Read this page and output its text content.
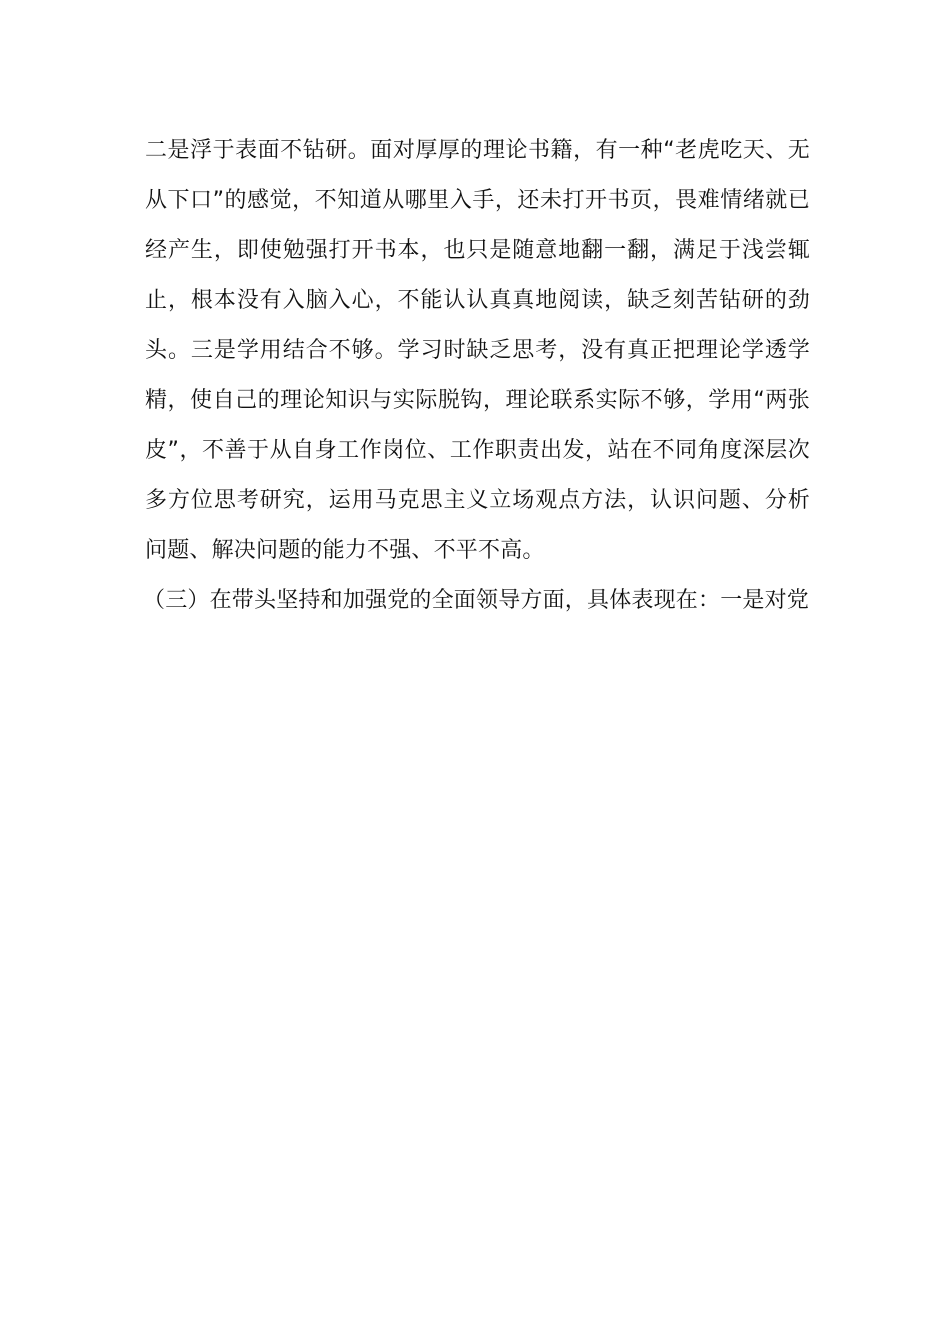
二是浮于表面不钻研。面对厚厚的理论书籍，有一种“老虎吃天、无从下口”的感觉，不知道从哪里入手，还未打开书页，畏难情绪就已经产生，即使勉强打开书本，也只是随意地翻一翻，满足于浅尝辄止，根本没有入脑入心，不能认认真真地阅读，缺乏刻苦钻研的劲头。三是学用结合不够。学习时缺乏思考，没有真正把理论学透学精，使自己的理论知识与实际脱钩，理论联系实际不够，学用“两张皮”，不善于从自身工作岗位、工作职责出发，站在不同角度深层次多方位思考研究，运用马克思主义立场观点方法，认识问题、分析问题、解决问题的能力不强、不平不高。

（三）在带头坚持和加强党的全面领导方面，具体表现在：一是对党
